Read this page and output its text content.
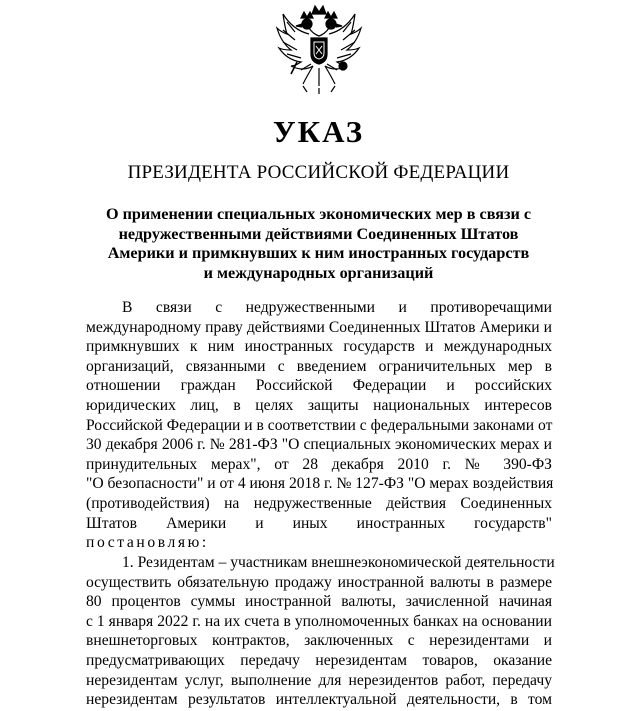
УКАЗ
ПРЕЗИДЕНТА РОССИЙСКОЙ ФЕДЕРАЦИИ
О применении специальных экономических мер в связи с
недружественными действиями Соединенных Штатов
Америки и примкнувших к ним иностранных государств
и международных организаций
В связи с недружественными и противоречащими
международному праву действиями Соединенных Штатов Америки и
примкнувших к ним иностранных государств и международных
организаций, связанными с введением ограничительных мер в
отношении граждан Российской Федерации и российских
юридических лиц, в целях защиты национальных интересов
Российской Федерации и в соответствии с федеральными законами от
30 декабря 2006 г. № 281-ФЗ "О специальных экономических мерах и
принудительных мерах", от 28 декабря 2010 г. № 390-ФЗ
"О безопасности" и от 4 июня 2018 г. № 127-ФЗ "О мерах воздействия
(противодействия) на недружественные действия Соединенных
Штатов Америки и иных иностранных государств"
постановляю:
1. Резидентам – участникам внешнеэкономической деятельности
осуществить обязательную продажу иностранной валюты в размере
80 процентов суммы иностранной валюты, зачисленной начиная
с 1 января 2022 г. на их счета в уполномоченных банках на основании
внешнеторговых контрактов, заключенных с нерезидентами и
предусматривающих передачу нерезидентам товаров, оказание
нерезидентам услуг, выполнение для нерезидентов работ, передачу
нерезидентам результатов интеллектуальной деятельности, в том
